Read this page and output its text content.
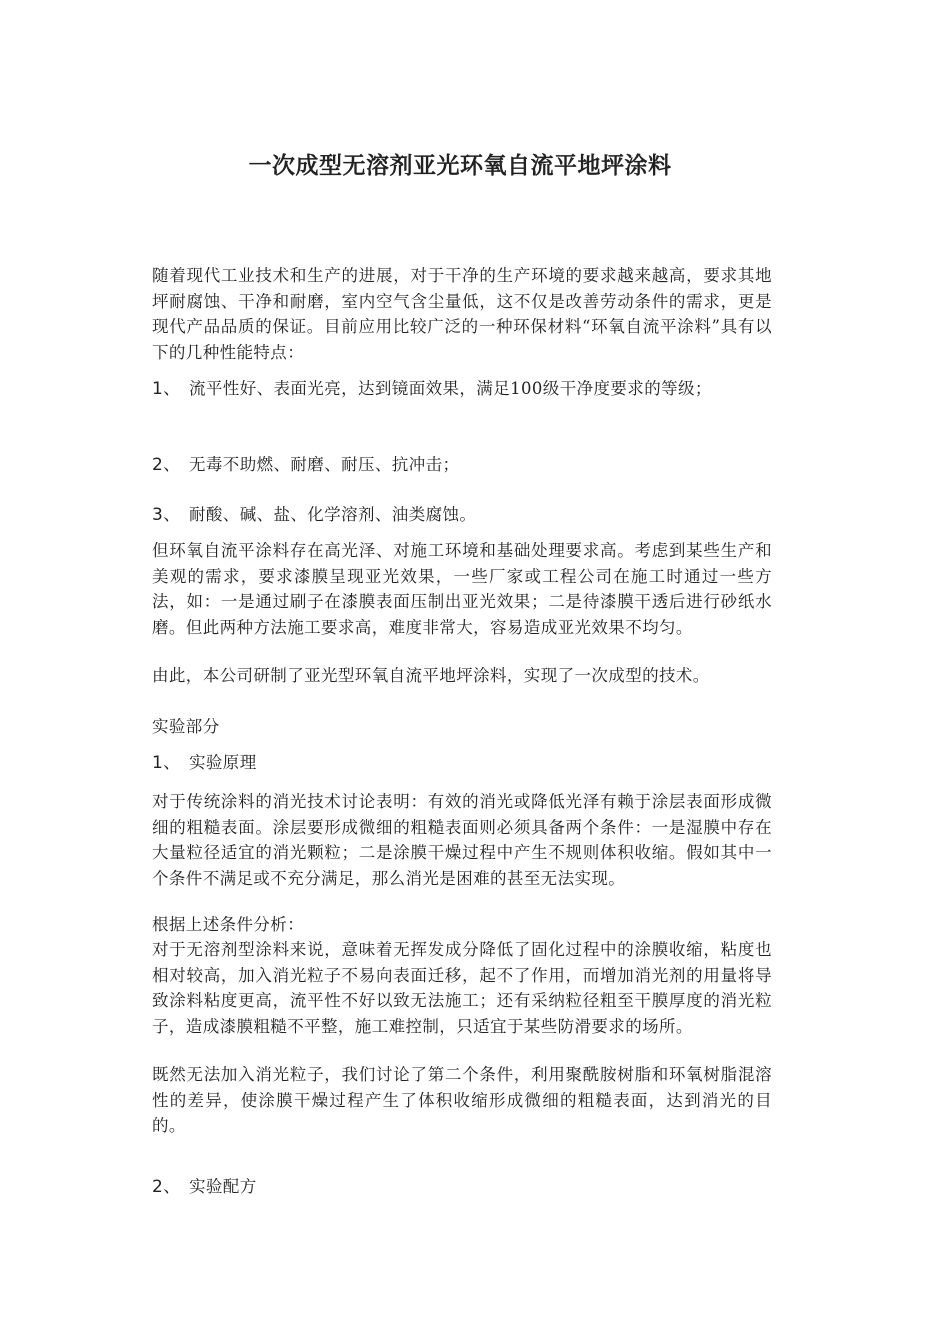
一次成型无溶剂亚光环氧自流平地坪涂料

随着现代工业技术和生产的进展，对于干净的生产环境的要求越来越高，要求其地坪耐腐蚀、干净和耐磨，室内空气含尘量低，这不仅是改善劳动条件的需求，更是现代产品品质的保证。目前应用比较广泛的一种环保材料“环氧自流平涂料”具有以下的几种性能特点：

1、 流平性好、表面光亮，达到镜面效果，满足100级干净度要求的等级；

2、 无毒不助燃、耐磨、耐压、抗冲击；

3、 耐酸、碱、盐、化学溶剂、油类腐蚀。

但环氧自流平涂料存在高光泽、对施工环境和基础处理要求高。考虑到某些生产和美观的需求，要求漆膜呈现亚光效果，一些厂家或工程公司在施工时通过一些方法，如：一是通过刷子在漆膜表面压制出亚光效果；二是待漆膜干透后进行砂纸水磨。但此两种方法施工要求高，难度非常大，容易造成亚光效果不均匀。

由此，本公司研制了亚光型环氧自流平地坪涂料，实现了一次成型的技术。

实验部分

1、 实验原理

对于传统涂料的消光技术讨论表明：有效的消光或降低光泽有赖于涂层表面形成微细的粗糙表面。涂层要形成微细的粗糙表面则必须具备两个条件：一是湿膜中存在大量粒径适宜的消光颗粒；二是涂膜干燥过程中产生不规则体积收缩。假如其中一个条件不满足或不充分满足，那么消光是困难的甚至无法实现。

根据上述条件分析：

对于无溶剂型涂料来说，意味着无挥发成分降低了固化过程中的涂膜收缩，粘度也相对较高，加入消光粒子不易向表面迁移，起不了作用，而增加消光剂的用量将导致涂料粘度更高，流平性不好以致无法施工；还有采纳粒径粗至干膜厚度的消光粒子，造成漆膜粗糙不平整，施工难控制，只适宜于某些防滑要求的场所。

既然无法加入消光粒子，我们讨论了第二个条件，利用聚酰胺树脂和环氧树脂混溶性的差异，使涂膜干燥过程产生了体积收缩形成微细的粗糙表面，达到消光的目的。

2、 实验配方
